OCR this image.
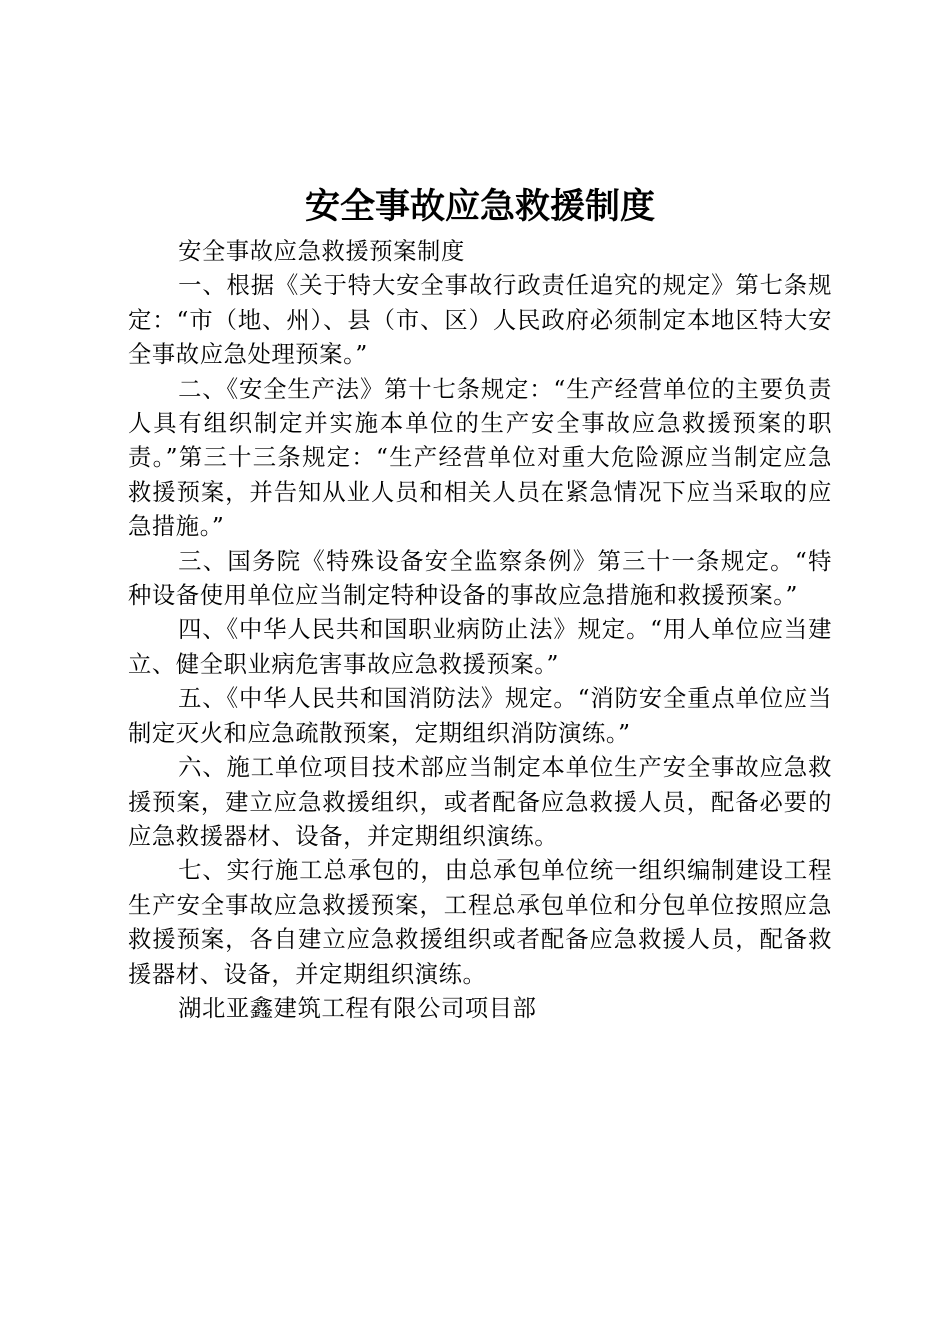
安全事故应急救援制度

安全事故应急救援预案制度

一、根据《关于特大安全事故行政责任追究的规定》第七条规定：“市（地、州）、县（市、区）人民政府必须制定本地区特大安全事故应急处理预案。”

二、《安全生产法》第十七条规定：“生产经营单位的主要负责人具有组织制定并实施本单位的生产安全事故应急救援预案的职责。”第三十三条规定：“生产经营单位对重大危险源应当制定应急救援预案，并告知从业人员和相关人员在紧急情况下应当采取的应急措施。”

三、国务院《特殊设备安全监察条例》第三十一条规定。“特种设备使用单位应当制定特种设备的事故应急措施和救援预案。”

四、《中华人民共和国职业病防止法》规定。“用人单位应当建立、健全职业病危害事故应急救援预案。”

五、《中华人民共和国消防法》规定。“消防安全重点单位应当制定灭火和应急疏散预案，定期组织消防演练。”

六、施工单位项目技术部应当制定本单位生产安全事故应急救援预案，建立应急救援组织，或者配备应急救援人员，配备必要的应急救援器材、设备，并定期组织演练。

七、实行施工总承包的，由总承包单位统一组织编制建设工程生产安全事故应急救援预案，工程总承包单位和分包单位按照应急救援预案，各自建立应急救援组织或者配备应急救援人员，配备救援器材、设备，并定期组织演练。

湖北亚鑫建筑工程有限公司项目部
